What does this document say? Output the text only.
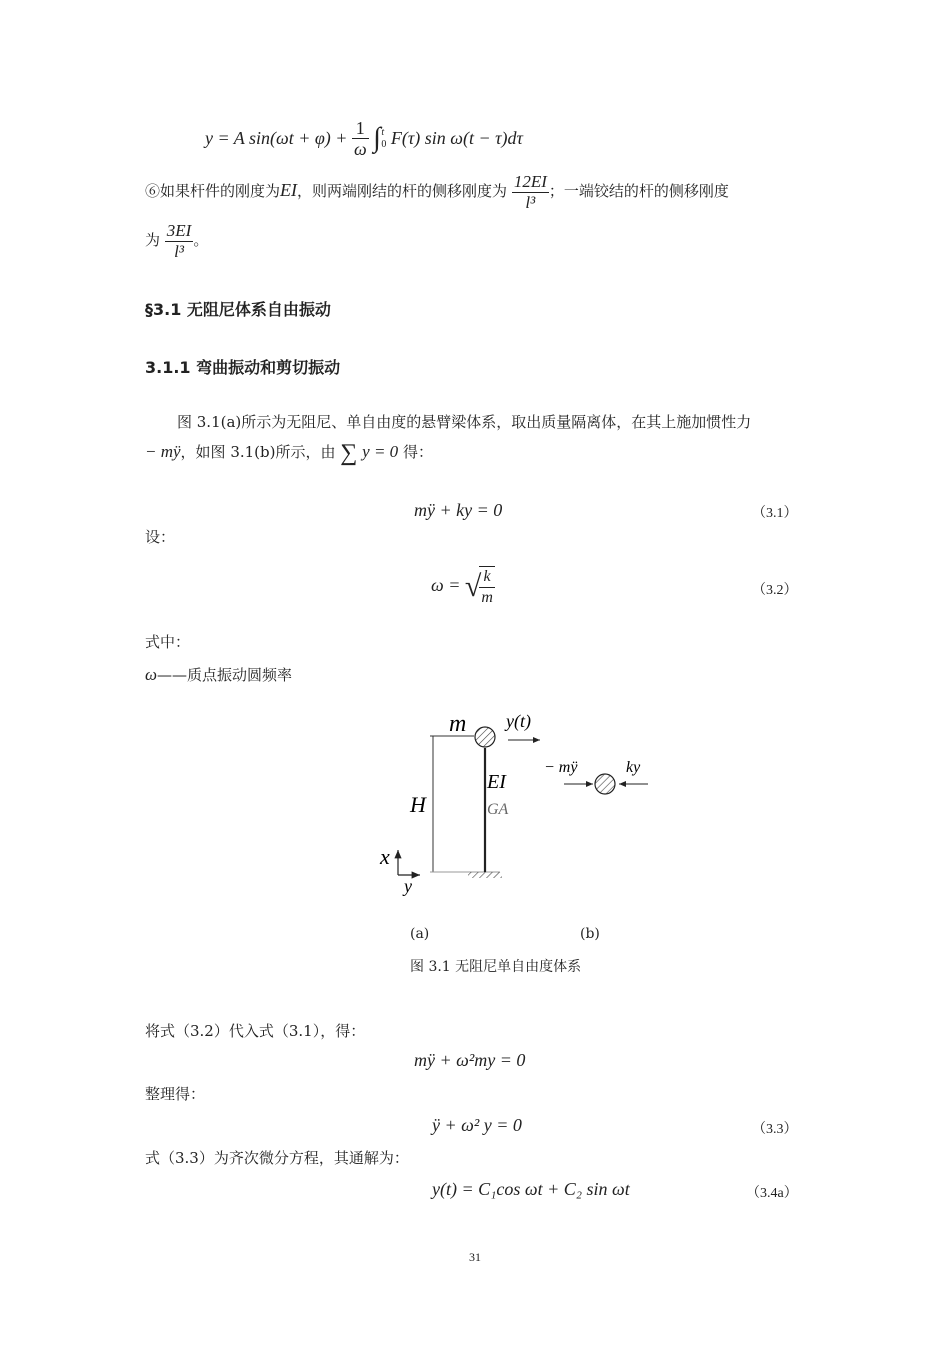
y = A $\sin(\omega t + \varphi) + \frac{1}{\omega}$ ∫ t
0 F(τ) sin ω(t − τ)dτ
⑥如果杆件的刚度为EI，则两端刚结的杆的侧移刚度为 $\frac{12EI}{\text{l³}}$ ；一端铰结的杆的侧移刚度
为 $\frac{3EI}{\text{l³}}$ 。
§3.1 无阻尼体系自由振动
3.1.1 弯曲振动和剪切振动
图 3.1(a)所示为无阻尼、单自由度的悬臂梁体系，取出质量隔离体，在其上施加惯性力
− mÿ，如图 3.1(b)所示，由 ∑ y = 0 得：
mÿ + ky = 0	（3.1）
设：
ω = √
$\frac{k}{m}$	（3.2）
式中：
ω——质点振动圆频率
H
m y(t)
EI
GA
x
y
− mÿ	ky
(a)	(b)
图 3.1 无阻尼单自由度体系
将式（3.2）代入式（3.1），得：
mÿ + ω²my = 0
整理得：
ÿ + ω² y = 0	（3.3）
式（3.3）为齐次微分方程，其通解为：
y(t) = C₁cos ωt + C₂ sin ωt	（3.4a）
31
